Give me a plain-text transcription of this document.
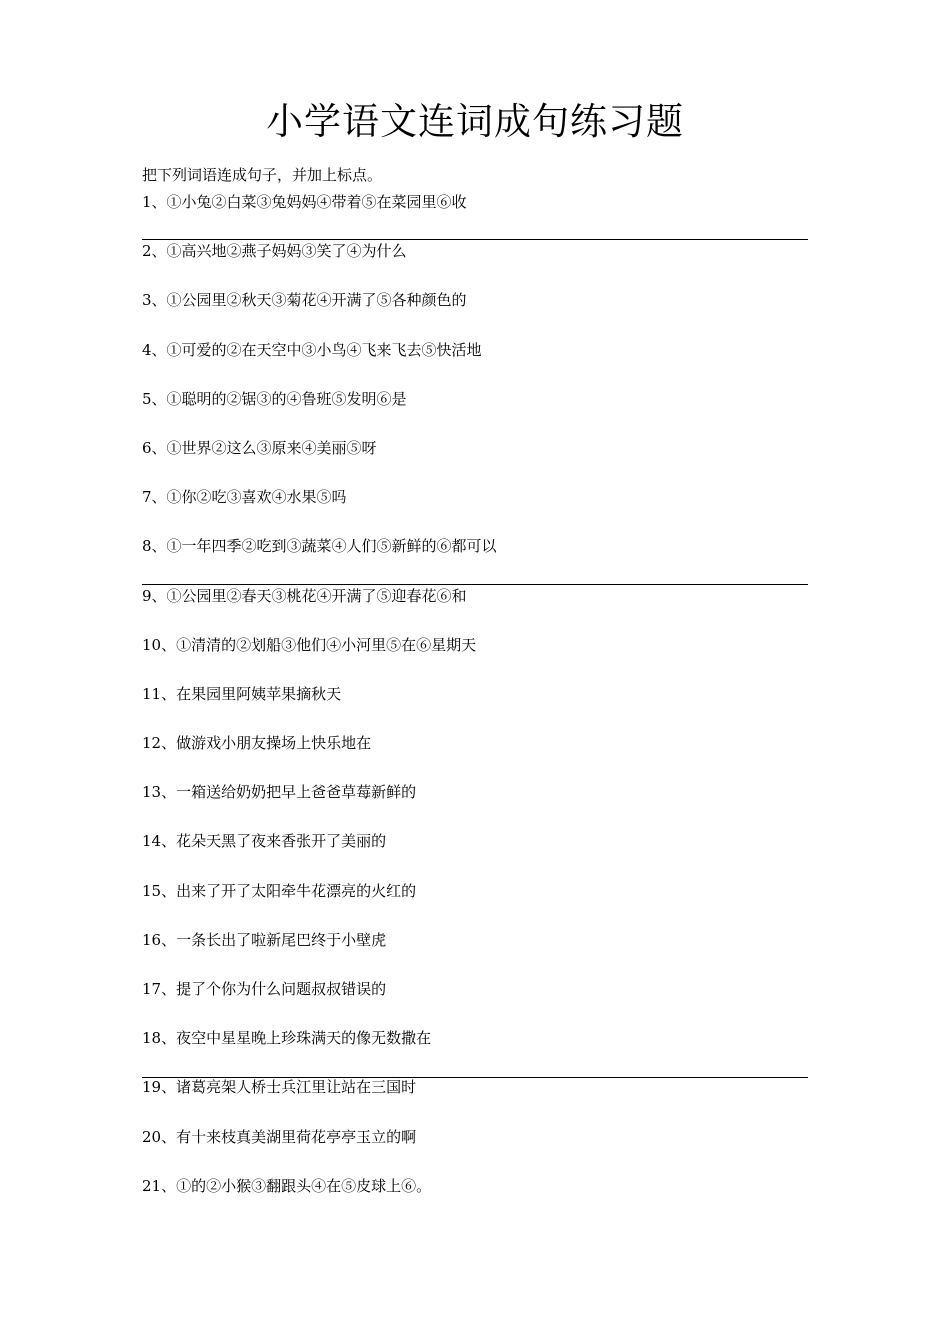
小学语文连词成句练习题
把下列词语连成句子，并加上标点。
1、①小兔②白菜③兔妈妈④带着⑤在菜园里⑥收
2、①高兴地②燕子妈妈③笑了④为什么
3、①公园里②秋天③菊花④开满了⑤各种颜色的
4、①可爱的②在天空中③小鸟④飞来飞去⑤快活地
5、①聪明的②锯③的④鲁班⑤发明⑥是
6、①世界②这么③原来④美丽⑤呀
7、①你②吃③喜欢④水果⑤吗
8、①一年四季②吃到③蔬菜④人们⑤新鲜的⑥都可以
9、①公园里②春天③桃花④开满了⑤迎春花⑥和
10、①清清的②划船③他们④小河里⑤在⑥星期天
11、在果园里阿姨苹果摘秋天
12、做游戏小朋友操场上快乐地在
13、一箱送给奶奶把早上爸爸草莓新鲜的
14、花朵天黑了夜来香张开了美丽的
15、出来了开了太阳牵牛花漂亮的火红的
16、一条长出了啦新尾巴终于小壁虎
17、提了个你为什么问题叔叔错误的
18、夜空中星星晚上珍珠满天的像无数撒在
19、诸葛亮架人桥士兵江里让站在三国时
20、有十来枝真美湖里荷花亭亭玉立的啊
21、①的②小猴③翻跟头④在⑤皮球上⑥。
